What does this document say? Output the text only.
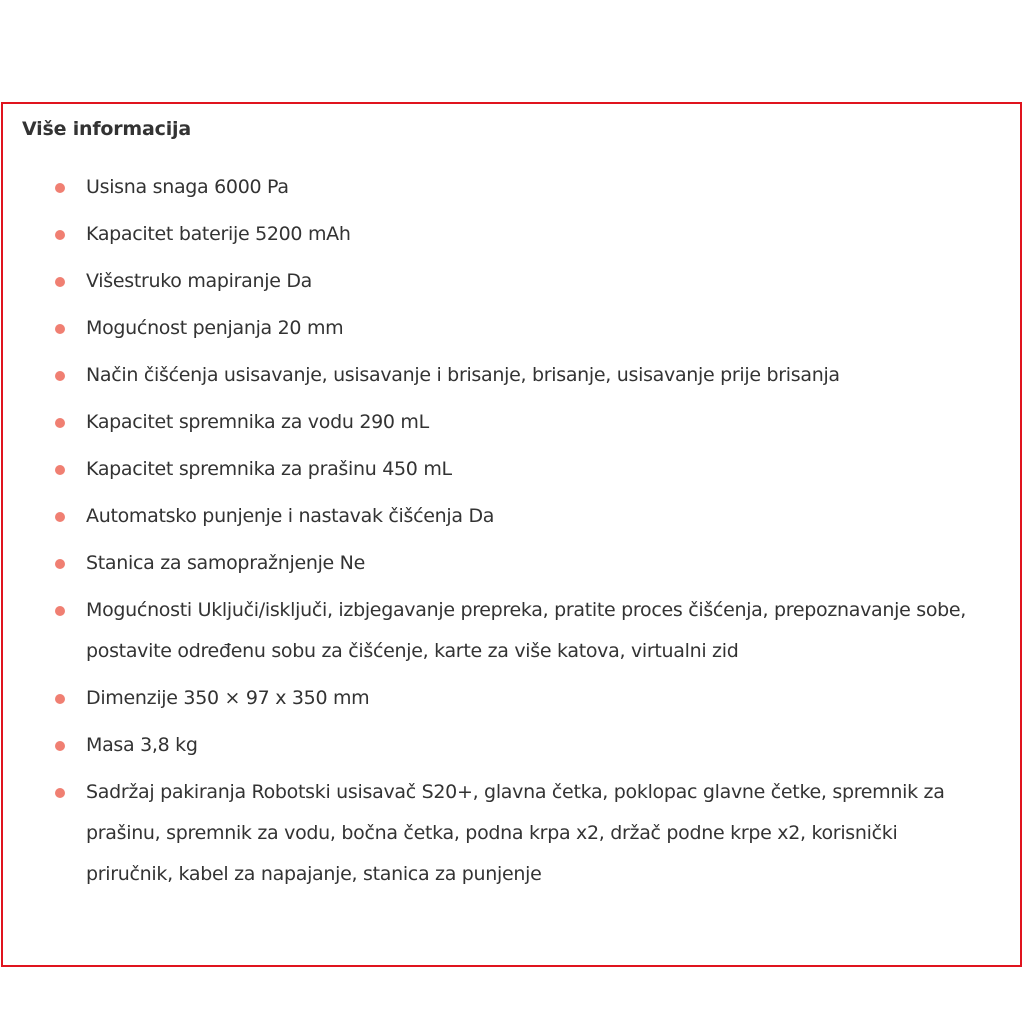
Više informacija
Usisna snaga 6000 Pa
Kapacitet baterije 5200 mAh
Višestruko mapiranje Da
Mogućnost penjanja 20 mm
Način čišćenja usisavanje, usisavanje i brisanje, brisanje, usisavanje prije brisanja
Kapacitet spremnika za vodu 290 mL
Kapacitet spremnika za prašinu 450 mL
Automatsko punjenje i nastavak čišćenja Da
Stanica za samopražnjenje Ne
Mogućnosti Uključi/isključi, izbjegavanje prepreka, pratite proces čišćenja, prepoznavanje sobe, postavite određenu sobu za čišćenje, karte za više katova, virtualni zid
Dimenzije 350 × 97 x 350 mm
Masa 3,8 kg
Sadržaj pakiranja Robotski usisavač S20+, glavna četka, poklopac glavne četke, spremnik za prašinu, spremnik za vodu, bočna četka, podna krpa x2, držač podne krpe x2, korisnički priručnik, kabel za napajanje, stanica za punjenje
